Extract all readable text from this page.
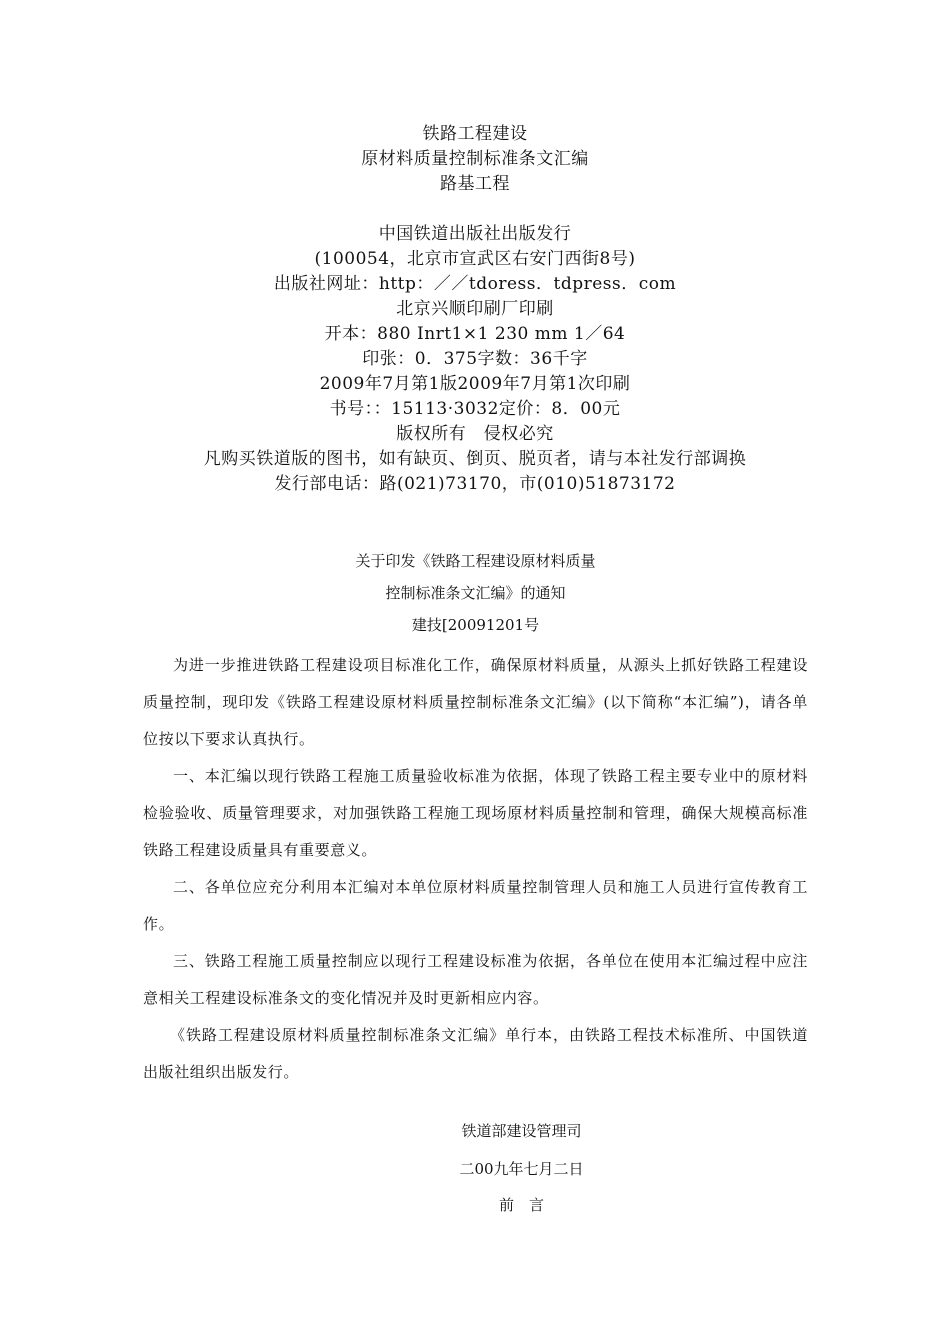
铁路工程建设
原材料质量控制标准条文汇编
路基工程
中国铁道出版社出版发行
(100054，北京市宣武区右安门西街8号)
出版社网址：http：／／tdoress．tdpress．com
北京兴顺印刷厂印刷
开本：880 Inrt1×1 230 mm 1／64
印张：0．375字数：36千字
2009年7月第1版2009年7月第1次印刷
书号：：15113·3032定价：8．00元
版权所有　侵权必究
凡购买铁道版的图书，如有缺页、倒页、脱页者，请与本社发行部调换
发行部电话：路(021)73170，市(010)51873172
关于印发《铁路工程建设原材料质量
控制标准条文汇编》的通知
建技[20091201号

为进一步推进铁路工程建设项目标准化工作，确保原材料质量，从源头上抓好铁路工程建设质量控制，现印发《铁路工程建设原材料质量控制标准条文汇编》(以下简称“本汇编”)，请各单位按以下要求认真执行。

一、本汇编以现行铁路工程施工质量验收标准为依据，体现了铁路工程主要专业中的原材料检验验收、质量管理要求，对加强铁路工程施工现场原材料质量控制和管理，确保大规模高标准铁路工程建设质量具有重要意义。

二、各单位应充分利用本汇编对本单位原材料质量控制管理人员和施工人员进行宣传教育工作。

三、铁路工程施工质量控制应以现行工程建设标准为依据，各单位在使用本汇编过程中应注意相关工程建设标准条文的变化情况并及时更新相应内容。

《铁路工程建设原材料质量控制标准条文汇编》单行本，由铁路工程技术标准所、中国铁道出版社组织出版发行。

铁道部建设管理司
二00九年七月二日
前　言
